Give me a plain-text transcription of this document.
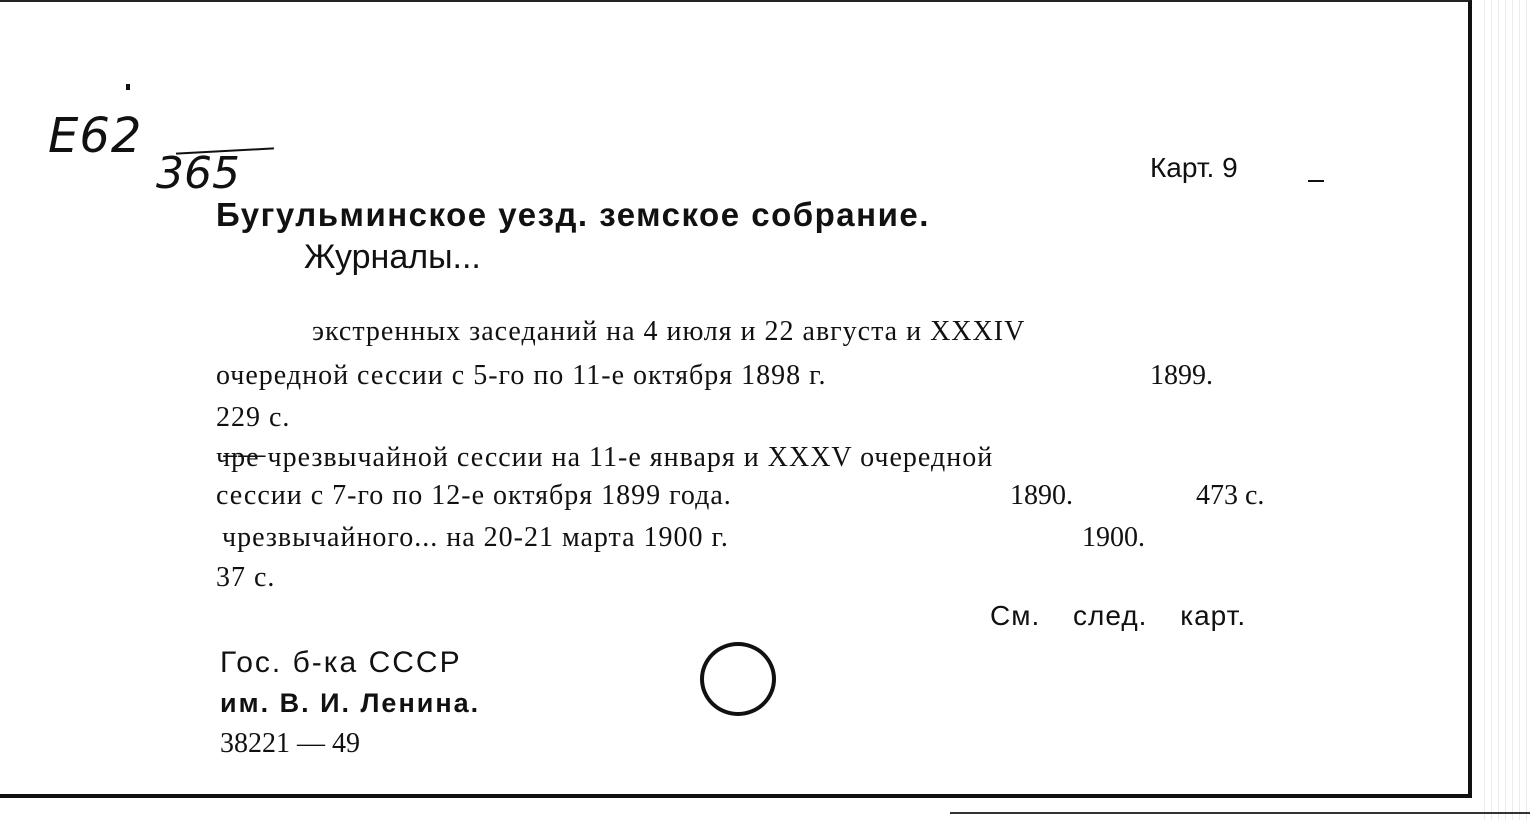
E62
365	Карт. 9
Бугульминское уезд. земское собрание.
Журналы...
экстренных заседаний на 4 июля и 22 августа и XXXIV
очередной сессии с 5-го по 11-е октября 1898 г.	1899.
229 с.
ч̶р̶е̶ чрезвычайной сессии на 11-е января и XXXV очередной
сессии с 7-го по 12-е октября 1899 года.	1890.	473 с.
чрезвычайного... на 20-21 марта 1900 г.	1900.
37 с.
См. след. карт.
Гос. б-ка СССР
им. В. И. Ленина.
38221 — 49
